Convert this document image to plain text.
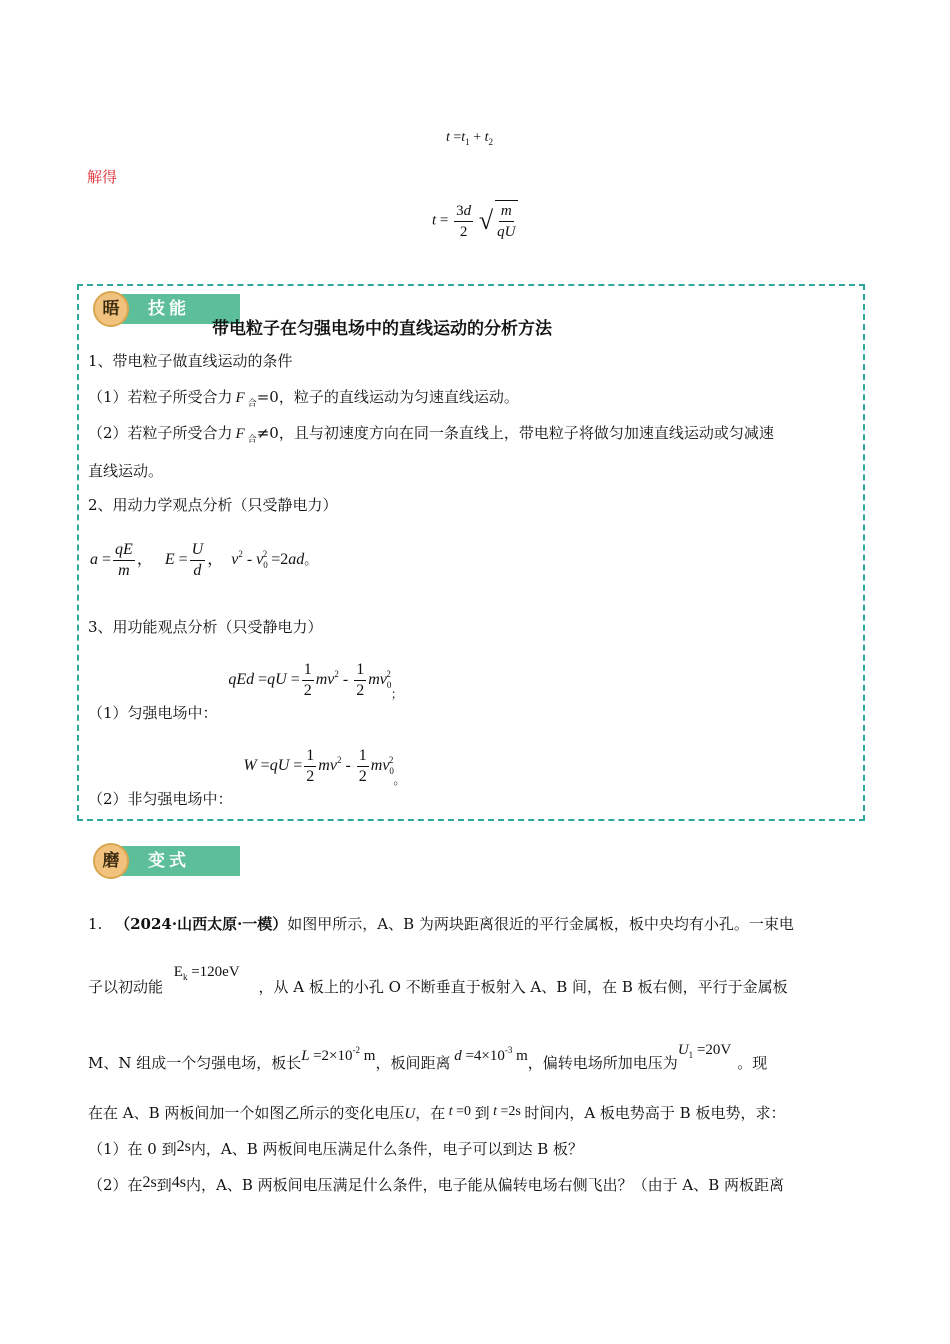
$t =t_1 + t_2$
解得
$t = \frac{3d}{2}$ √ $\frac{m}{qU}$
技能
晤
带电粒子在匀强电场中的直线运动的分析方法
1、带电粒子做直线运动的条件
（1）若粒子所受合力 F $_合$=0，粒子的直线运动为匀速直线运动。
（2）若粒子所受合力 F $_合$≠0，且与初速度方向在同一条直线上，带电粒子将做匀加速直线运动或匀减速
直线运动。
2、用动力学观点分析（只受静电力）
$a = \frac{qE}{m}$ ，   $E = \frac{U}{d}$ ，  $v^2 - v_0^2 =2ad$。
3、用功能观点分析（只受静电力）
（1）匀强电场中： qEd $=qU = \frac{1}{2} mv^2 - \frac{1}{2} mv_0^2_;$
（2）非匀强电场中： $W =qU = \frac{1}{2} mv^2 - \frac{1}{2} mv_0^2_。$
变式
磨
1. （2024·山西太原·一模）如图甲所示，A、B 为两块距离很近的平行金属板，板中央均有小孔。一束电
子以初动能 $E_k =120eV$ ，从 A 板上的小孔 O 不断垂直于板射入 A、B 间，在 B 板右侧，平行于金属板
M、N 组成一个匀强电场，板长$L =2\times 10^{-2}$ m，板间距离 $d =4\times 10^{-3}$ m，偏转电场所加电压为$U_1 =20V$。现
在在 A、B 两板间加一个如图乙所示的变化电压U，在 t =0 到 t =2s 时间内，A 板电势高于 B 板电势，求：
（1）在 0 到2s内，A、B 两板间电压满足什么条件，电子可以到达 B 板？
（2）在2s到4s内，A、B 两板间电压满足什么条件，电子能从偏转电场右侧飞出？（由于 A、B 两板距离
